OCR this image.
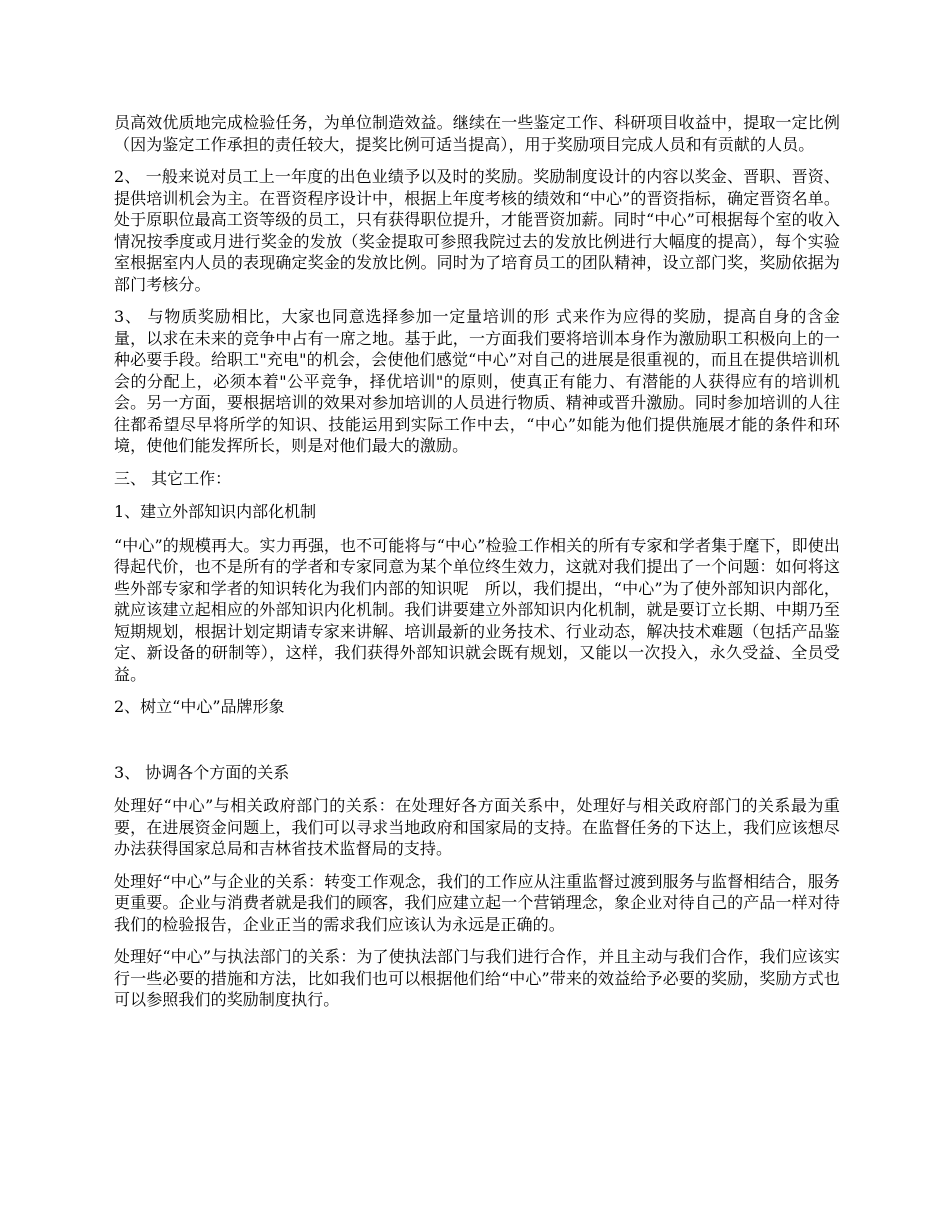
员高效优质地完成检验任务，为单位制造效益。继续在一些鉴定工作、科研项目收益中，提取一定比例（因为鉴定工作承担的责任较大，提奖比例可适当提高），用于奖励项目完成人员和有贡献的人员。

2、 一般来说对员工上一年度的出色业绩予以及时的奖励。奖励制度设计的内容以奖金、晋职、晋资、提供培训机会为主。在晋资程序设计中，根据上年度考核的绩效和“中心”的晋资指标，确定晋资名单。处于原职位最高工资等级的员工，只有获得职位提升，才能晋资加薪。同时“中心”可根据每个室的收入情况按季度或月进行奖金的发放（奖金提取可参照我院过去的发放比例进行大幅度的提高），每个实验室根据室内人员的表现确定奖金的发放比例。同时为了培育员工的团队精神，设立部门奖，奖励依据为部门考核分。

3、 与物质奖励相比，大家也同意选择参加一定量培训的形 式来作为应得的奖励，提高自身的含金量，以求在未来的竞争中占有一席之地。基于此，一方面我们要将培训本身作为激励职工积极向上的一种必要手段。给职工"充电"的机会，会使他们感觉“中心”对自己的进展是很重视的，而且在提供培训机会的分配上，必须本着"公平竞争，择优培训"的原则，使真正有能力、有潜能的人获得应有的培训机会。另一方面，要根据培训的效果对参加培训的人员进行物质、精神或晋升激励。同时参加培训的人往往都希望尽早将所学的知识、技能运用到实际工作中去，“中心”如能为他们提供施展才能的条件和环境，使他们能发挥所长，则是对他们最大的激励。

三、 其它工作：

1、建立外部知识内部化机制

“中心”的规模再大。实力再强，也不可能将与“中心”检验工作相关的所有专家和学者集于麾下，即使出得起代价，也不是所有的学者和专家同意为某个单位终生效力，这就对我们提出了一个问题：如何将这些外部专家和学者的知识转化为我们内部的知识呢　所以，我们提出，“中心”为了使外部知识内部化，就应该建立起相应的外部知识内化机制。我们讲要建立外部知识内化机制，就是要订立长期、中期乃至短期规划，根据计划定期请专家来讲解、培训最新的业务技术、行业动态，解决技术难题（包括产品鉴定、新设备的研制等），这样，我们获得外部知识就会既有规划，又能以一次投入，永久受益、全员受益。

2、树立“中心”品牌形象

3、 协调各个方面的关系

处理好“中心”与相关政府部门的关系：在处理好各方面关系中，处理好与相关政府部门的关系最为重要，在进展资金问题上，我们可以寻求当地政府和国家局的支持。在监督任务的下达上，我们应该想尽办法获得国家总局和吉林省技术监督局的支持。

处理好“中心”与企业的关系：转变工作观念，我们的工作应从注重监督过渡到服务与监督相结合，服务更重要。企业与消费者就是我们的顾客，我们应建立起一个营销理念，象企业对待自己的产品一样对待我们的检验报告，企业正当的需求我们应该认为永远是正确的。

处理好“中心”与执法部门的关系：为了使执法部门与我们进行合作，并且主动与我们合作，我们应该实行一些必要的措施和方法，比如我们也可以根据他们给“中心”带来的效益给予必要的奖励，奖励方式也可以参照我们的奖励制度执行。
